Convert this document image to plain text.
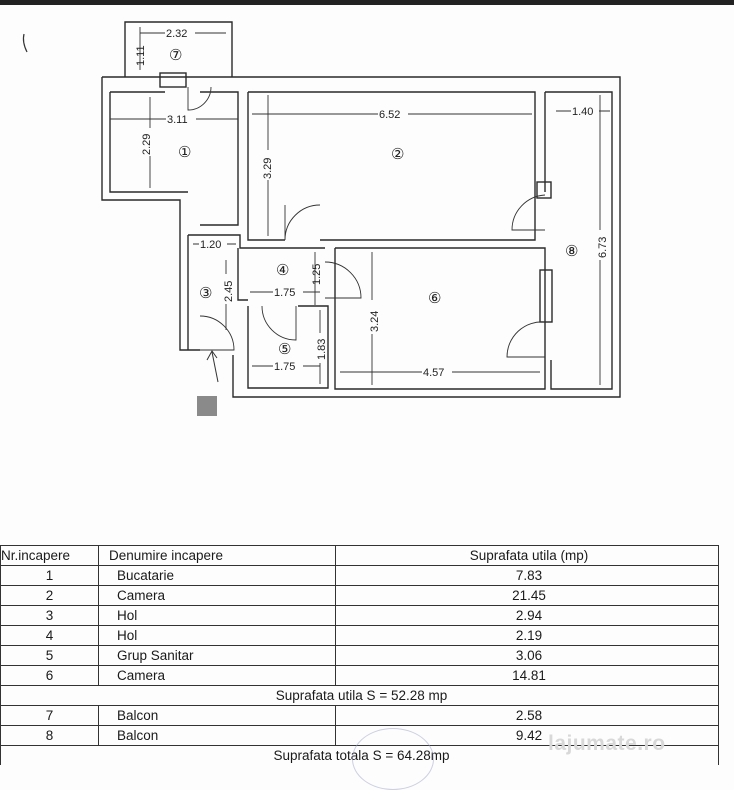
2.32
1.11
3.11
2.29
6.52
3.29
1.40
6.73
1.20
2.45	1.75
1.25
3.24
1.83
1.75	4.57
⑦
①	②
⑧
④
③	⑥
⑤
Nr.incapere	Denumire incapere	Suprafata utila (mp)
1	Bucatarie	7.83
2	Camera	21.45
3	Hol	2.94
4	Hol	2.19
5	Grup Sanitar	3.06
6	Camera	14.81
Suprafata utila S = 52.28 mp		
7	Balcon	2.58
8	Balcon	9.42
Suprafata totala S = 64.28mp			lajumate.ro
